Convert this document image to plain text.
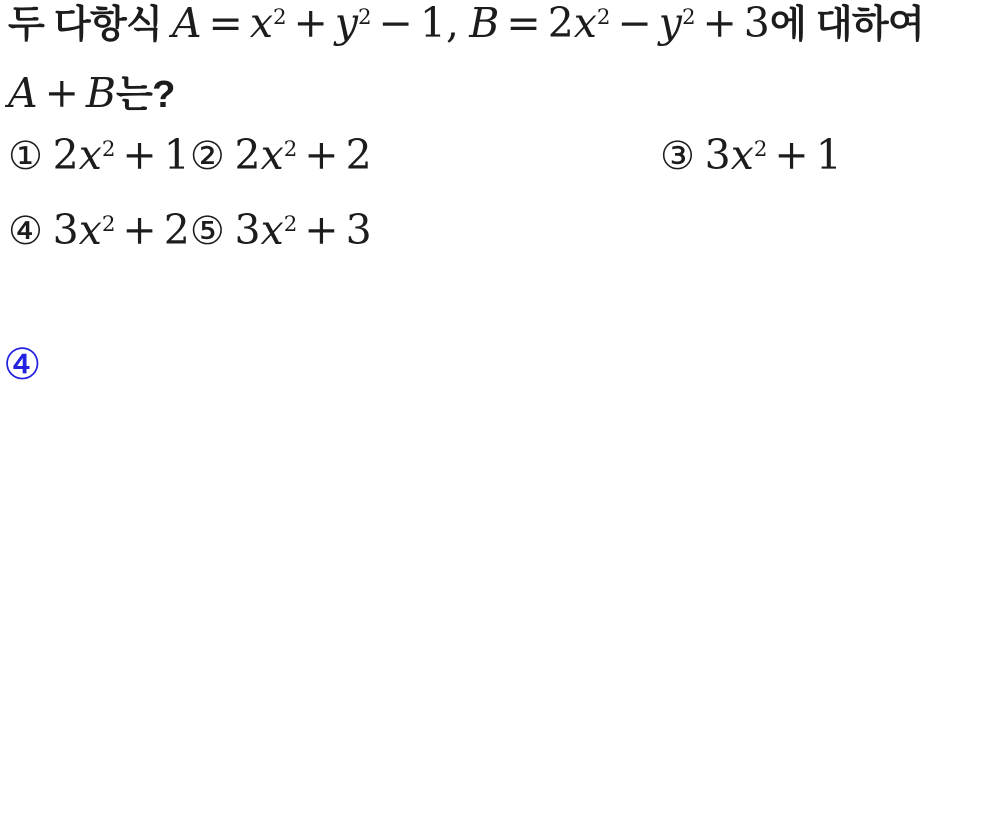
두 다항식 $A = x^2 + y^2 - 1$, $B = 2x^2 - y^2 + 3$에 대하여
A + B는?
① $2x^2$ + 1② $2x^2 + 2$	③ $3x^2 + 1$
④ $3x^2$ + 2⑤ $3x^2 + 3$
④
